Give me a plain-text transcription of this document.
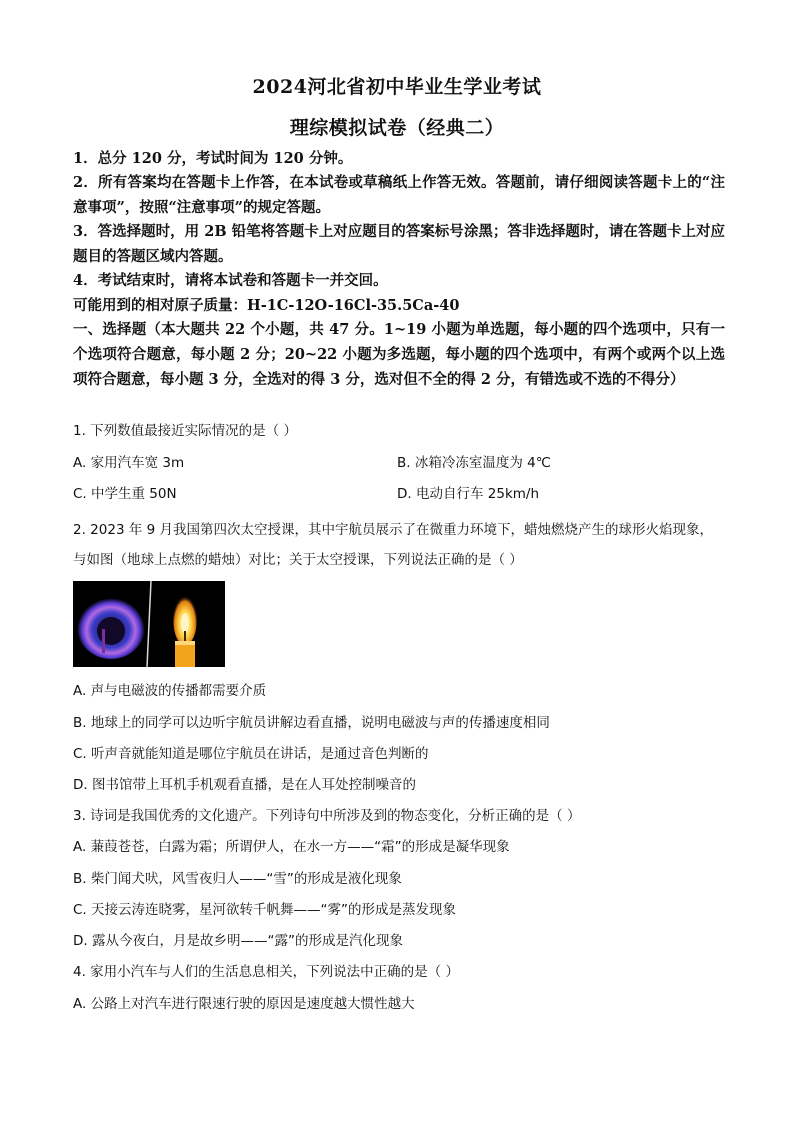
2024河北省初中毕业生学业考试
理综模拟试卷（经典二）
1．总分 120 分，考试时间为 120 分钟。
2．所有答案均在答题卡上作答，在本试卷或草稿纸上作答无效。答题前，请仔细阅读答题卡上的“注意事项”，按照“注意事项”的规定答题。
3．答选择题时，用 2B 铅笔将答题卡上对应题目的答案标号涂黑；答非选择题时，请在答题卡上对应题目的答题区域内答题。
4．考试结束时，请将本试卷和答题卡一并交回。
可能用到的相对原子质量：H-1C-12O-16Cl-35.5Ca-40
一、选择题（本大题共 22 个小题，共 47 分。1~19 小题为单选题，每小题的四个选项中，只有一个选项符合题意，每小题 2 分；20~22 小题为多选题，每小题的四个选项中，有两个或两个以上选项符合题意，每小题 3 分，全选对的得 3 分，选对但不全的得 2 分，有错选或不选的不得分）
1. 下列数值最接近实际情况的是（ ）
A. 家用汽车宽 3m	B. 冰箱冷冻室温度为 4℃
C. 中学生重 50N	D. 电动自行车 25km/h
2. 2023 年 9 月我国第四次太空授课，其中宇航员展示了在微重力环境下，蜡烛燃烧产生的球形火焰现象，与如图（地球上点燃的蜡烛）对比；关于太空授课，下列说法正确的是（ ）
A. 声与电磁波的传播都需要介质
B. 地球上的同学可以边听宇航员讲解边看直播，说明电磁波与声的传播速度相同
C. 听声音就能知道是哪位宇航员在讲话，是通过音色判断的
D. 图书馆带上耳机手机观看直播，是在人耳处控制噪音的
3. 诗词是我国优秀的文化遗产。下列诗句中所涉及到的物态变化，分析正确的是（ ）
A. 蒹葭苍苍，白露为霜；所谓伊人，在水一方——“霜”的形成是凝华现象
B. 柴门闻犬吠，风雪夜归人——“雪”的形成是液化现象
C. 天接云涛连晓雾，星河欲转千帆舞——“雾”的形成是蒸发现象
D. 露从今夜白，月是故乡明——“露”的形成是汽化现象
4. 家用小汽车与人们的生活息息相关，下列说法中正确的是（ ）
A. 公路上对汽车进行限速行驶的原因是速度越大惯性越大
